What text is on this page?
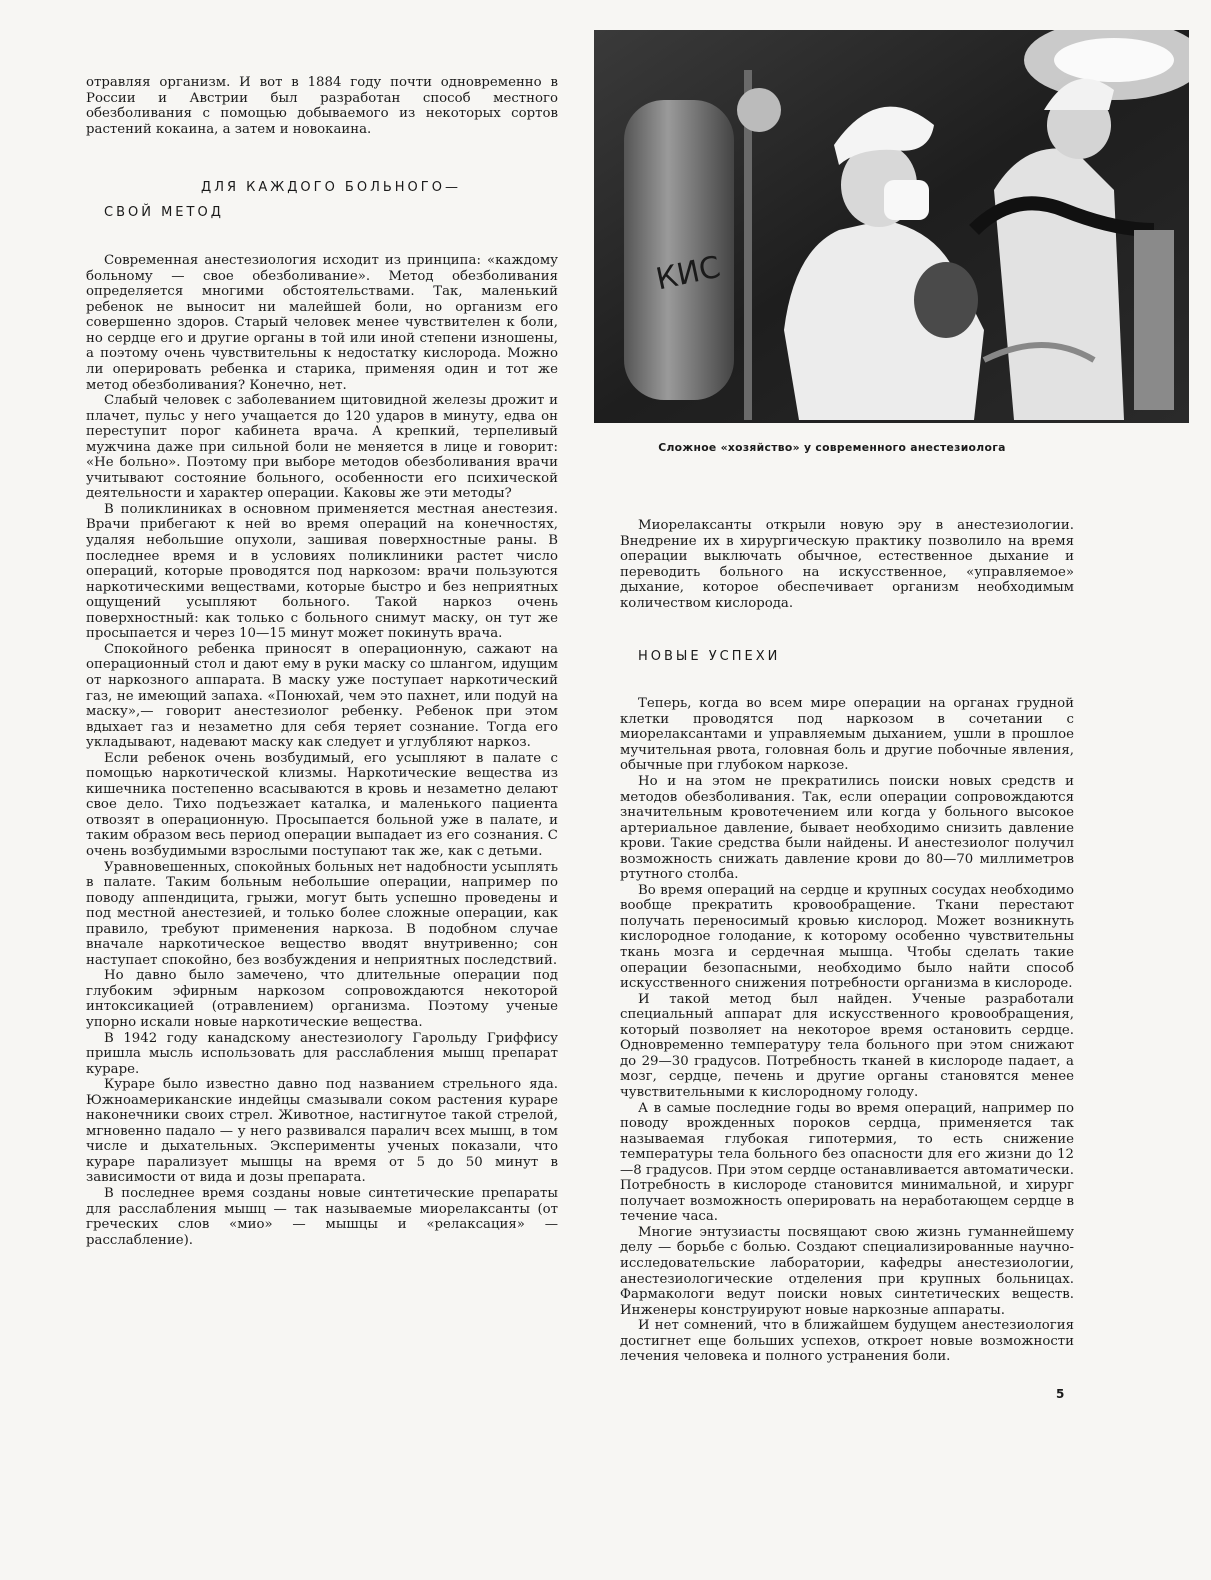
отравляя организм. И вот в 1884 году почти одновременно в России и Австрии был разработан способ местного обезболивания с помощью добываемого из некоторых сортов растений кокаина, а затем и новокаина.

ДЛЯ КАЖДОГО БОЛЬНОГО—

СВОЙ МЕТОД

Современная анестезиология исходит из принципа: «каждому больному — свое обезболивание». Метод обезболивания определяется многими обстоятельствами. Так, маленький ребенок не выносит ни малейшей боли, но организм его совершенно здоров. Старый человек менее чувствителен к боли, но сердце его и другие органы в той или иной степени изношены, а поэтому очень чувствительны к недостатку кислорода. Можно ли оперировать ребенка и старика, применяя один и тот же метод обезболивания? Конечно, нет.

Слабый человек с заболеванием щитовидной железы дрожит и плачет, пульс у него учащается до 120 ударов в минуту, едва он переступит порог кабинета врача. А крепкий, терпеливый мужчина даже при сильной боли не меняется в лице и говорит: «Не больно». Поэтому при выборе методов обезболивания врачи учитывают состояние больного, особенности его психической деятельности и характер операции. Каковы же эти методы?

В поликлиниках в основном применяется местная анестезия. Врачи прибегают к ней во время операций на конечностях, удаляя небольшие опухоли, зашивая поверхностные раны. В последнее время и в условиях поликлиники растет число операций, которые проводятся под наркозом: врачи пользуются наркотическими веществами, которые быстро и без неприятных ощущений усыпляют больного. Такой наркоз очень поверхностный: как только с больного снимут маску, он тут же просыпается и через 10—15 минут может покинуть врача.

Спокойного ребенка приносят в операционную, сажают на операционный стол и дают ему в руки маску со шлангом, идущим от наркозного аппарата. В маску уже поступает наркотический газ, не имеющий запаха. «Понюхай, чем это пахнет, или подуй на маску»,— говорит анестезиолог ребенку. Ребенок при этом вдыхает газ и незаметно для себя теряет сознание. Тогда его укладывают, надевают маску как следует и углубляют наркоз.

Если ребенок очень возбудимый, его усыпляют в палате с помощью наркотической клизмы. Наркотические вещества из кишечника постепенно всасываются в кровь и незаметно делают свое дело. Тихо подъезжает каталка, и маленького пациента отвозят в операционную. Просыпается больной уже в палате, и таким образом весь период операции выпадает из его сознания. С очень возбудимыми взрослыми поступают так же, как с детьми.

Уравновешенных, спокойных больных нет надобности усыплять в палате. Таким больным небольшие операции, например по поводу аппендицита, грыжи, могут быть успешно проведены и под местной анестезией, и только более сложные операции, как правило, требуют применения наркоза. В подобном случае вначале наркотическое вещество вводят внутривенно; сон наступает спокойно, без возбуждения и неприятных последствий.

Но давно было замечено, что длительные операции под глубоким эфирным наркозом сопровождаются некоторой интоксикацией (отравлением) организма. Поэтому ученые упорно искали новые наркотические вещества.

В 1942 году канадскому анестезиологу Гарольду Гриффису пришла мысль использовать для расслабления мышц препарат кураре.

Кураре было известно давно под названием стрельного яда. Южноамериканские индейцы смазывали соком растения кураре наконечники своих стрел. Животное, настигнутое такой стрелой, мгновенно падало — у него развивался паралич всех мышц, в том числе и дыхательных. Эксперименты ученых показали, что кураре парализует мышцы на время от 5 до 50 минут в зависимости от вида и дозы препарата.

В последнее время созданы новые синтетические препараты для расслабления мышц — так называемые миорелаксанты (от греческих слов «мио» — мышцы и «релаксация» — расслабление).

КИС
Сложное «хозяйство» у современного анестезиолога

Миорелаксанты открыли новую эру в анестезиологии. Внедрение их в хирургическую практику позволило на время операции выключать обычное, естественное дыхание и переводить больного на искусственное, «управляемое» дыхание, которое обеспечивает организм необходимым количеством кислорода.

НОВЫЕ УСПЕХИ

Теперь, когда во всем мире операции на органах грудной клетки проводятся под наркозом в сочетании с миорелаксантами и управляемым дыханием, ушли в прошлое мучительная рвота, головная боль и другие побочные явления, обычные при глубоком наркозе.

Но и на этом не прекратились поиски новых средств и методов обезболивания. Так, если операции сопровождаются значительным кровотечением или когда у больного высокое артериальное давление, бывает необходимо снизить давление крови. Такие средства были найдены. И анестезиолог получил возможность снижать давление крови до 80—70 миллиметров ртутного столба.

Во время операций на сердце и крупных сосудах необходимо вообще прекратить кровообращение. Ткани перестают получать переносимый кровью кислород. Может возникнуть кислородное голодание, к которому особенно чувствительны ткань мозга и сердечная мышца. Чтобы сделать такие операции безопасными, необходимо было найти способ искусственного снижения потребности организма в кислороде.

И такой метод был найден. Ученые разработали специальный аппарат для искусственного кровообращения, который позволяет на некоторое время остановить сердце. Одновременно температуру тела больного при этом снижают до 29—30 градусов. Потребность тканей в кислороде падает, а мозг, сердце, печень и другие органы становятся менее чувствительными к кислородному голоду.

А в самые последние годы во время операций, например по поводу врожденных пороков сердца, применяется так называемая глубокая гипотермия, то есть снижение температуры тела больного без опасности для его жизни до 12—8 градусов. При этом сердце останавливается автоматически. Потребность в кислороде становится минимальной, и хирург получает возможность оперировать на неработающем сердце в течение часа.

Многие энтузиасты посвящают свою жизнь гуманнейшему делу — борьбе с болью. Создают специализированные научно-исследовательские лаборатории, кафедры анестезиологии, анестезиологические отделения при крупных больницах. Фармакологи ведут поиски новых синтетических веществ. Инженеры конструируют новые наркозные аппараты.

И нет сомнений, что в ближайшем будущем анестезиология достигнет еще больших успехов, откроет новые возможности лечения человека и полного устранения боли.

5
